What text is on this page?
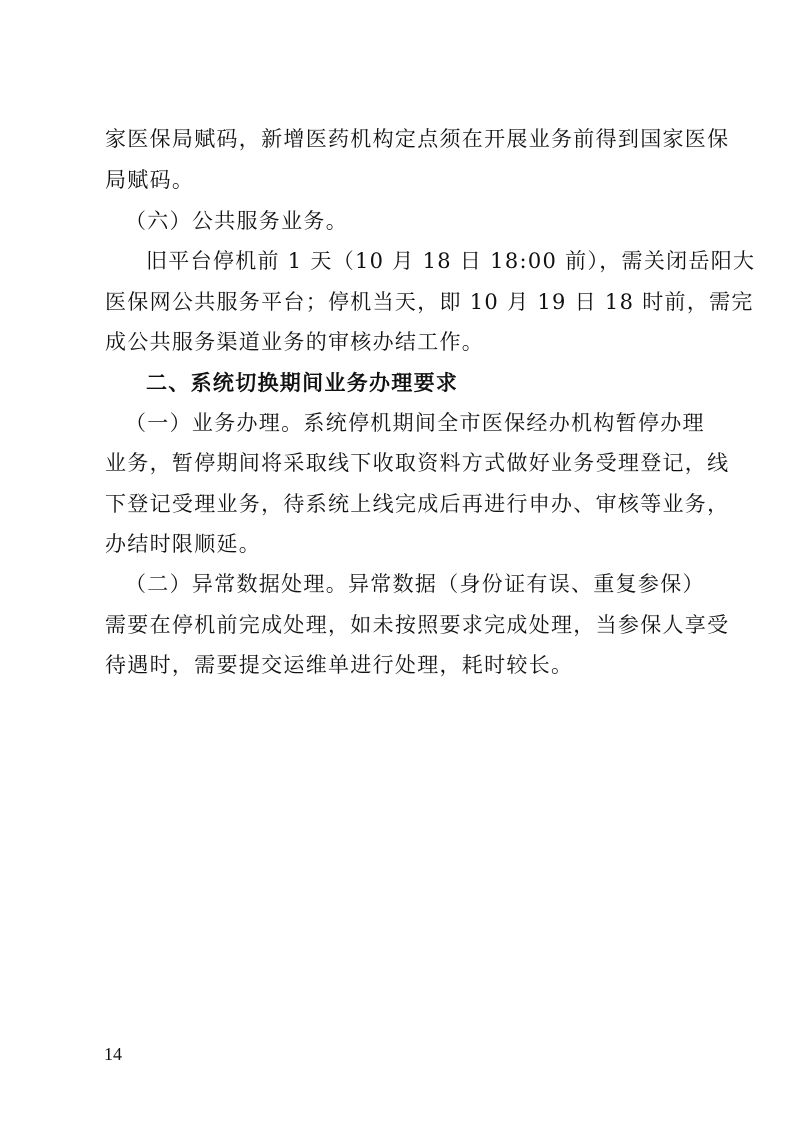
家医保局赋码，新增医药机构定点须在开展业务前得到国家医保
局赋码。
（六）公共服务业务。
旧平台停机前 1 天（10 月 18 日 18:00 前），需关闭岳阳大
医保网公共服务平台；停机当天，即 10 月 19 日 18 时前，需完
成公共服务渠道业务的审核办结工作。
二、系统切换期间业务办理要求
（一）业务办理。系统停机期间全市医保经办机构暂停办理
业务，暂停期间将采取线下收取资料方式做好业务受理登记，线
下登记受理业务，待系统上线完成后再进行申办、审核等业务，
办结时限顺延。
（二）异常数据处理。异常数据（身份证有误、重复参保）
需要在停机前完成处理，如未按照要求完成处理，当参保人享受
待遇时，需要提交运维单进行处理，耗时较长。
14
